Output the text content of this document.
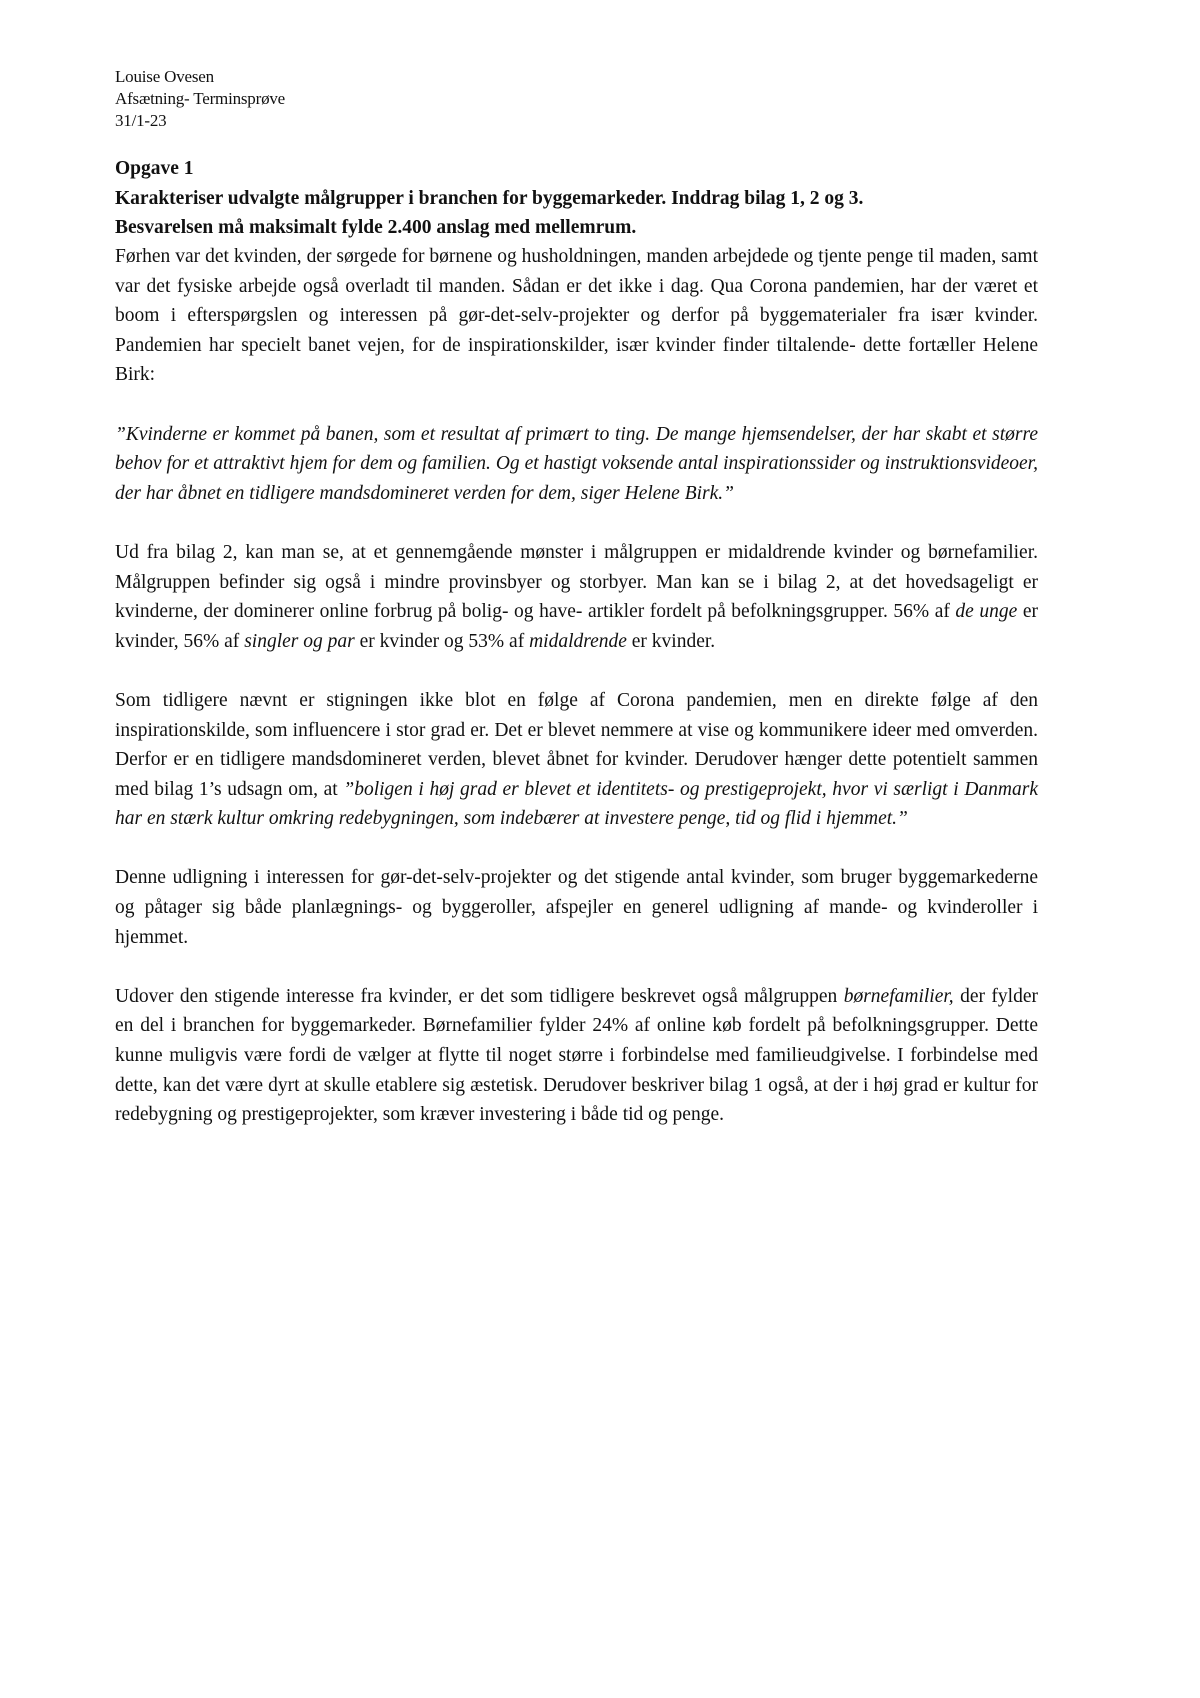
Louise Ovesen
Afsætning- Terminsprøve
31/1-23
Opgave 1
Karakteriser udvalgte målgrupper i branchen for byggemarkeder. Inddrag bilag 1, 2 og 3.
Besvarelsen må maksimalt fylde 2.400 anslag med mellemrum.

Førhen var det kvinden, der sørgede for børnene og husholdningen, manden arbejdede og tjente penge til maden, samt var det fysiske arbejde også overladt til manden. Sådan er det ikke i dag. Qua Corona pandemien, har der været et boom i efterspørgslen og interessen på gør-det-selv-projekter og derfor på byggematerialer fra især kvinder. Pandemien har specielt banet vejen, for de inspirationskilder, især kvinder finder tiltalende- dette fortæller Helene Birk:

”Kvinderne er kommet på banen, som et resultat af primært to ting. De mange hjemsendelser, der har skabt et større behov for et attraktivt hjem for dem og familien. Og et hastigt voksende antal inspirationssider og instruktionsvideoer, der har åbnet en tidligere mandsdomineret verden for dem, siger Helene Birk.”

Ud fra bilag 2, kan man se, at et gennemgående mønster i målgruppen er midaldrende kvinder og børnefamilier. Målgruppen befinder sig også i mindre provinsbyer og storbyer. Man kan se i bilag 2, at det hovedsageligt er kvinderne, der dominerer online forbrug på bolig- og have- artikler fordelt på befolkningsgrupper. 56% af de unge er kvinder, 56% af singler og par er kvinder og 53% af midaldrende er kvinder.

Som tidligere nævnt er stigningen ikke blot en følge af Corona pandemien, men en direkte følge af den inspirationskilde, som influencere i stor grad er. Det er blevet nemmere at vise og kommunikere ideer med omverden. Derfor er en tidligere mandsdomineret verden, blevet åbnet for kvinder. Derudover hænger dette potentielt sammen med bilag 1’s udsagn om, at ”boligen i høj grad er blevet et identitets- og prestigeprojekt, hvor vi særligt i Danmark har en stærk kultur omkring redebygningen, som indebærer at investere penge, tid og flid i hjemmet.”

Denne udligning i interessen for gør-det-selv-projekter og det stigende antal kvinder, som bruger byggemarkederne og påtager sig både planlægnings- og byggeroller, afspejler en generel udligning af mande- og kvinderoller i hjemmet.

Udover den stigende interesse fra kvinder, er det som tidligere beskrevet også målgruppen børnefamilier, der fylder en del i branchen for byggemarkeder. Børnefamilier fylder 24% af online køb fordelt på befolkningsgrupper. Dette kunne muligvis være fordi de vælger at flytte til noget større i forbindelse med familieudgivelse. I forbindelse med dette, kan det være dyrt at skulle etablere sig æstetisk. Derudover beskriver bilag 1 også, at der i høj grad er kultur for redebygning og prestigeprojekter, som kræver investering i både tid og penge.
